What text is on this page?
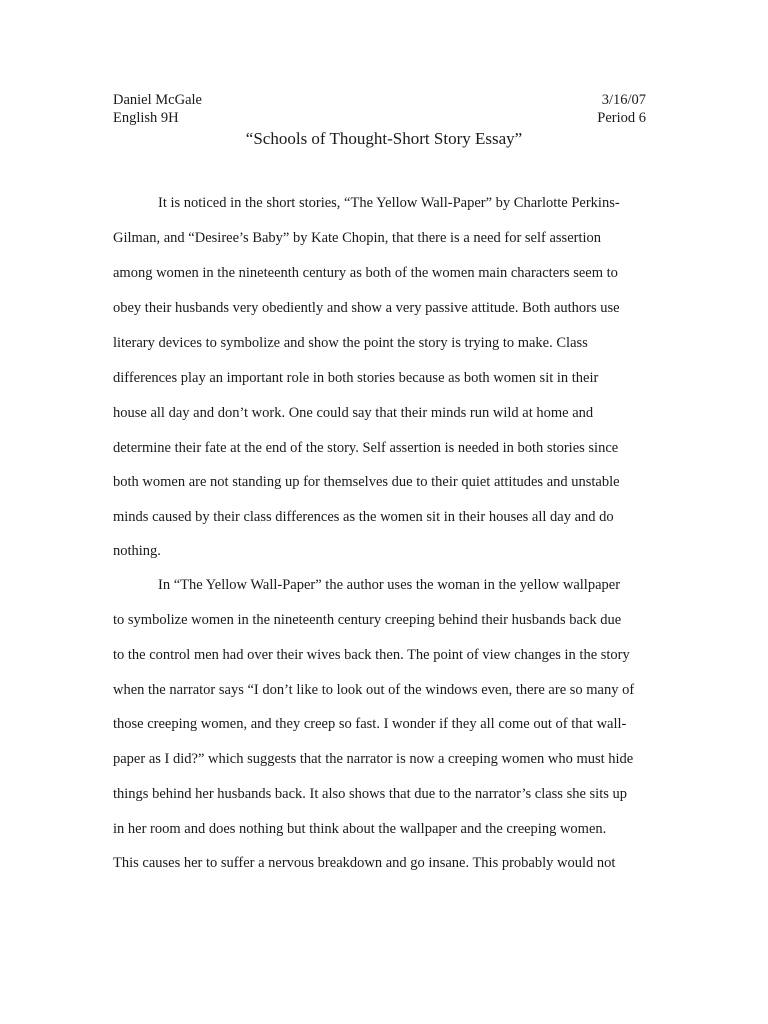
Daniel McGale	3/16/07
English 9H	Period 6
“Schools of Thought-Short Story Essay”
It is noticed in the short stories, “The Yellow Wall-Paper” by Charlotte Perkins-
Gilman, and “Desiree’s Baby” by Kate Chopin, that there is a need for self assertion
among women in the nineteenth century as both of the women main characters seem to
obey their husbands very obediently and show a very passive attitude. Both authors use
literary devices to symbolize and show the point the story is trying to make. Class
differences play an important role in both stories because as both women sit in their
house all day and don’t work. One could say that their minds run wild at home and
determine their fate at the end of the story. Self assertion is needed in both stories since
both women are not standing up for themselves due to their quiet attitudes and unstable
minds caused by their class differences as the women sit in their houses all day and do
nothing.
In “The Yellow Wall-Paper” the author uses the woman in the yellow wallpaper
to symbolize women in the nineteenth century creeping behind their husbands back due
to the control men had over their wives back then. The point of view changes in the story
when the narrator says “I don’t like to look out of the windows even, there are so many of
those creeping women, and they creep so fast. I wonder if they all come out of that wall-
paper as I did?” which suggests that the narrator is now a creeping women who must hide
things behind her husbands back. It also shows that due to the narrator’s class she sits up
in her room and does nothing but think about the wallpaper and the creeping women.
This causes her to suffer a nervous breakdown and go insane. This probably would not
